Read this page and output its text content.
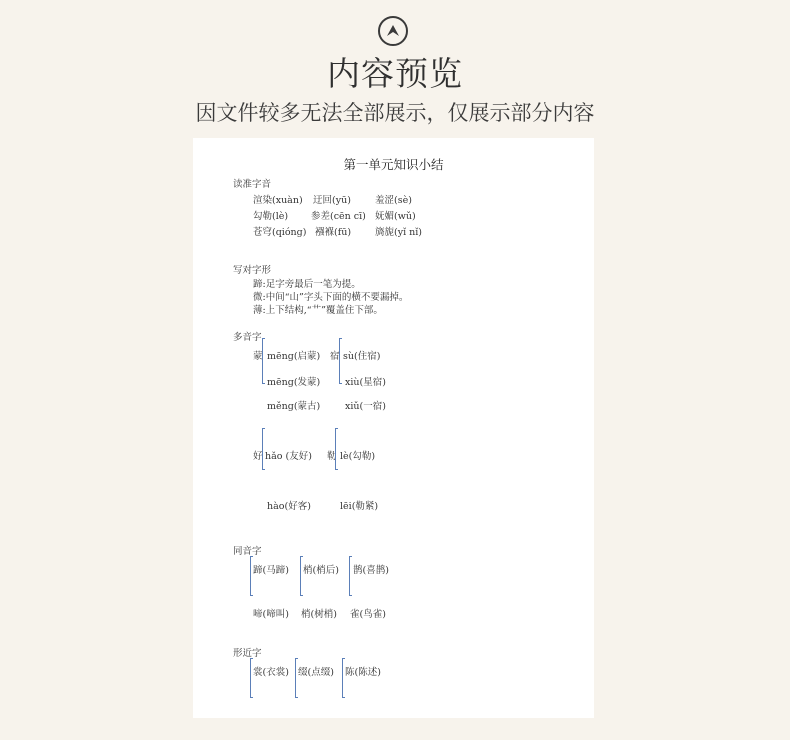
内容预览
因文件较多无法全部展示，仅展示部分内容
第一单元知识小结
读准字音
渲染(xuàn) 迂回(yū)	羞涩(sè)
勾勒(lè) 参差(cēn cī) 妩媚(wǔ)
苍穹(qióng) 襁褓(fū)	旖旎(yǐ nǐ)
写对字形
蹄:足字旁最后一笔为提。
微:中间“山”字头下面的横不要漏掉。
薄:上下结构,“艹”覆盖住下部。
多音字
蒙 mēng(启蒙)
mēng(发蒙)
měng(蒙古)
宿 sù(住宿)
xiù(星宿)
xiǔ(一宿)
好 hǎo (友好)
hào(好客)
勒 lè(勾勒)
lēi(勒紧)
同音字
蹄(马蹄) 梢(梢后) 鹊(喜鹊)
啼(啼叫) 梢(树梢) 雀(鸟雀)
形近字
裳(衣裳) 缀(点缀) 陈(陈述)
